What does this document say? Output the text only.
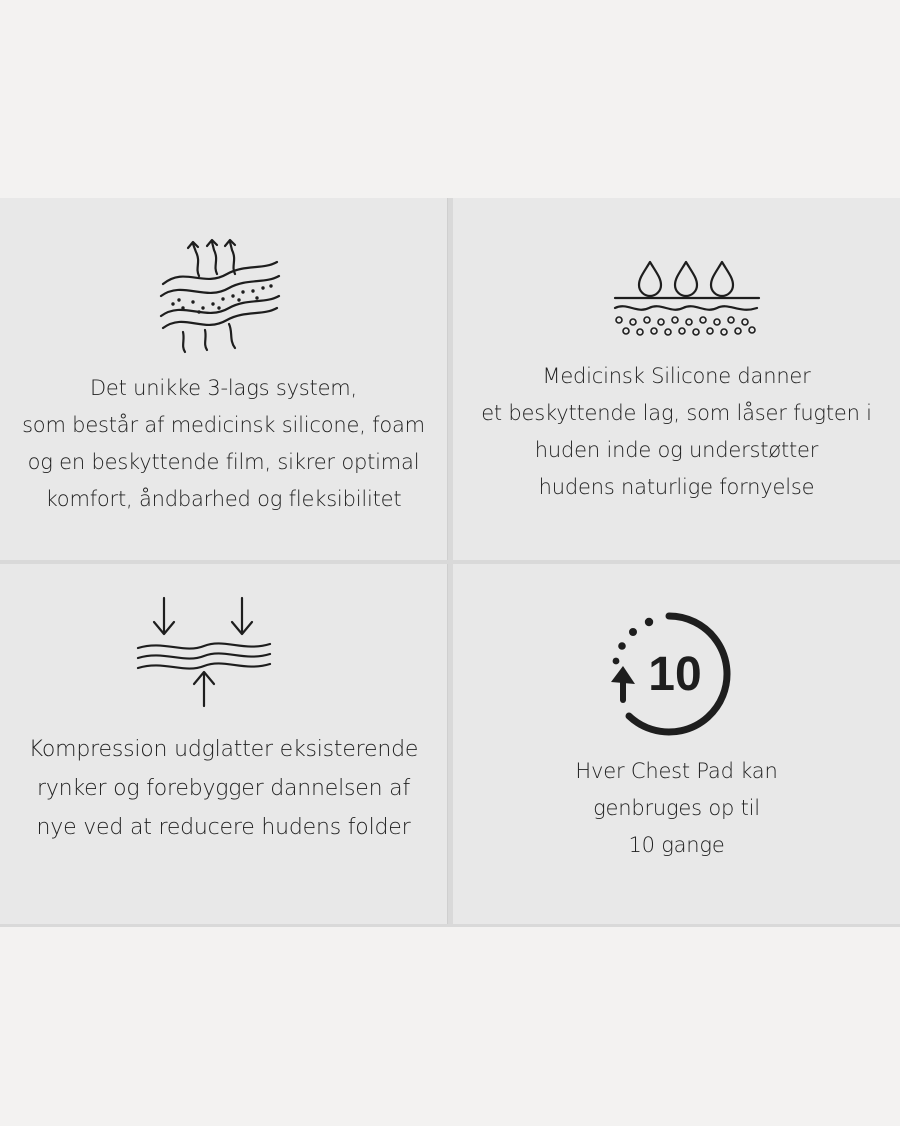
Det unikke 3-lags system,
som består af medicinsk silicone, foam
og en beskyttende film, sikrer optimal
komfort, åndbarhed og fleksibilitet

Medicinsk Silicone danner
et beskyttende lag, som låser fugten i
huden inde og understøtter
hudens naturlige fornyelse

Kompression udglatter eksisterende
rynker og forebygger dannelsen af
nye ved at reducere hudens folder

10

Hver Chest Pad kan
genbruges op til
10 gange
